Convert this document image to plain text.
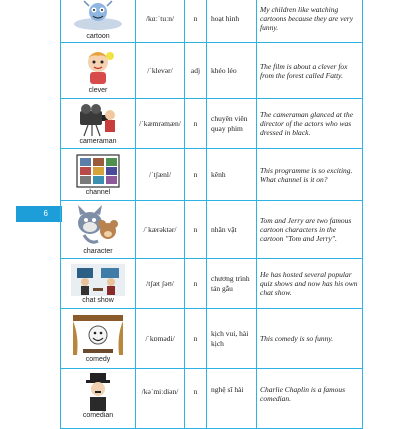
6
cartoon	/kɑːˈtuːn/	n	hoạt hình	My children like watching cartoons because they are very funny.

clever	/ˈklevər/	adj	khéo léo	The film is about a clever fox from the forest called Fatty.

cameraman	/ˈkæmrəmæn/	n	chuyên viên quay phim	The cameraman glanced at the director of the actors who was dressed in black.

channel	/ˈtʃænl/	n	kênh	This programme is so exciting. What channel is it on?

character	/ˈkærəktər/	n	nhân vật	Tom and Jerry are two famous cartoon characters in the cartoon "Tom and Jerry".

chat show	/tʃæt ʃəʊ/	n	chương trình tán gẫu	He has hosted several popular quiz shows and now has his own chat show.

comedy	/ˈkɒmədi/	n	kịch vui, hài kịch	This comedy is so funny.

comedian	/kəˈmiːdiən/	n	nghệ sĩ hài	Charlie Chaplin is a famous comedian.
